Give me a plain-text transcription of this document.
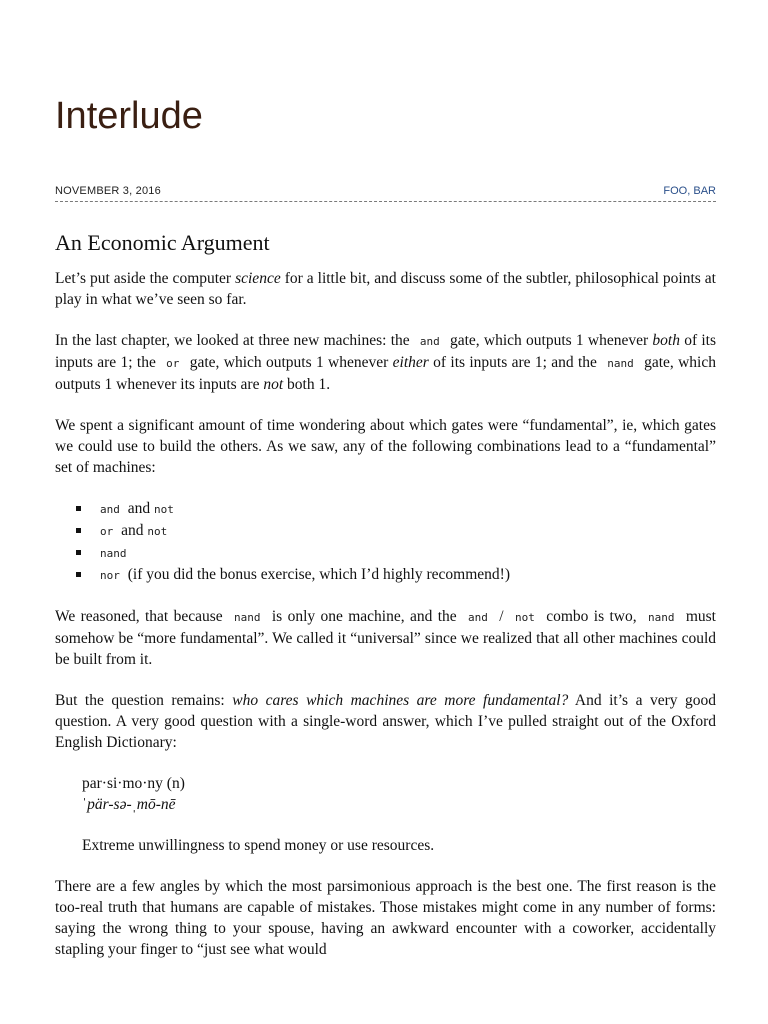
Interlude
NOVEMBER 3, 2016	FOO, BAR
An Economic Argument

Let’s put aside the computer science for a little bit, and discuss some of the subtler, philosophical points at play in what we’ve seen so far.

In the last chapter, we looked at three new machines: the and gate, which outputs 1 whenever both of its inputs are 1; the or gate, which outputs 1 whenever either of its inputs are 1; and the nand gate, which outputs 1 whenever its inputs are not both 1.

We spent a significant amount of time wondering about which gates were “fundamental”, ie, which gates we could use to build the others. As we saw, any of the following combinations lead to a “fundamental” set of machines:

and and not
or and not
nand
nor (if you did the bonus exercise, which I’d highly recommend!)

We reasoned, that because nand is only one machine, and the and / not combo is two, nand must somehow be “more fundamental”. We called it “universal” since we realized that all other machines could be built from it.

But the question remains: who cares which machines are more fundamental? And it’s a very good question. A very good question with a single-word answer, which I’ve pulled straight out of the Oxford English Dictionary:

par·si·mo·ny (n)

ˈpär-sə-ˌmō-nē

Extreme unwillingness to spend money or use resources.

There are a few angles by which the most parsimonious approach is the best one. The first reason is the too-real truth that humans are capable of mistakes. Those mistakes might come in any number of forms: saying the wrong thing to your spouse, having an awkward encounter with a coworker, accidentally stapling your finger to “just see what would
